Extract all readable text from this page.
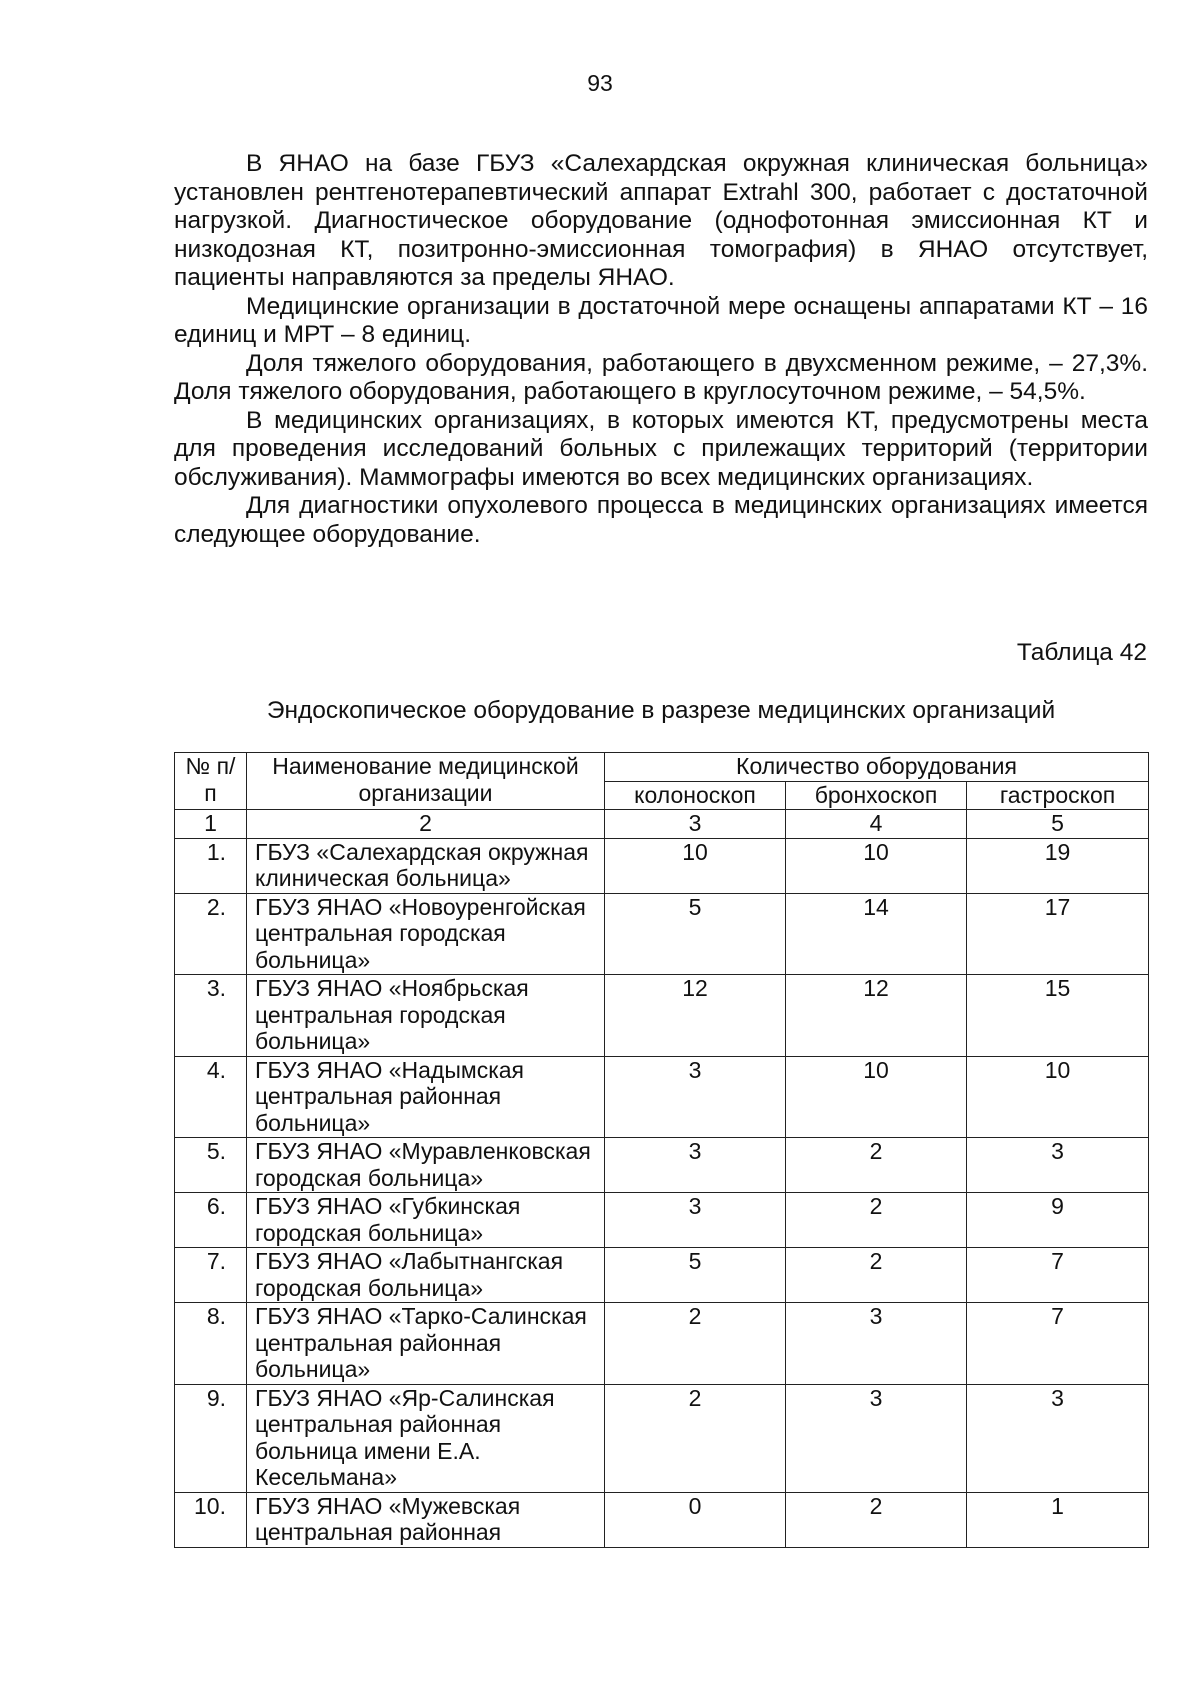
93

В ЯНАО на базе ГБУЗ «Салехардская окружная клиническая больница» установлен рентгенотерапевтический аппарат Extrahl 300, работает с достаточной нагрузкой. Диагностическое оборудование (однофотонная эмиссионная КТ и низкодозная КТ, позитронно-эмиссионная томография) в ЯНАО отсутствует, пациенты направляются за пределы ЯНАО.

Медицинские организации в достаточной мере оснащены аппаратами КТ – 16 единиц и МРТ – 8 единиц.

Доля тяжелого оборудования, работающего в двухсменном режиме, – 27,3%. Доля тяжелого оборудования, работающего в круглосуточном режиме, – 54,5%.

В медицинских организациях, в которых имеются КТ, предусмотрены места для проведения исследований больных с прилежащих территорий (территории обслуживания). Маммографы имеются во всех медицинских организациях.

Для диагностики опухолевого процесса в медицинских организациях имеется следующее оборудование.

Таблица 42
Эндоскопическое оборудование в разрезе медицинских организаций
№ п/п	Наименование медицинской организации	Количество оборудования		
		колоноскоп	бронхоскоп	гастроскоп
1	2	3	4	5
1.	ГБУЗ «Салехардская окружная клиническая больница»	10	10	19
2.	ГБУЗ ЯНАО «Новоуренгойская центральная городская больница»	5	14	17
3.	ГБУЗ ЯНАО «Ноябрьская центральная городская больница»	12	12	15
4.	ГБУЗ ЯНАО «Надымская центральная районная больница»	3	10	10
5.	ГБУЗ ЯНАО «Муравленковская городская больница»	3	2	3
6.	ГБУЗ ЯНАО «Губкинская городская больница»	3	2	9
7.	ГБУЗ ЯНАО «Лабытнангская городская больница»	5	2	7
8.	ГБУЗ ЯНАО «Тарко-Салинская центральная районная больница»	2	3	7
9.	ГБУЗ ЯНАО «Яр-Салинская центральная районная больница имени Е.А. Кесельмана»	2	3	3
10.	ГБУЗ ЯНАО «Мужевская центральная районная	0	2	1
